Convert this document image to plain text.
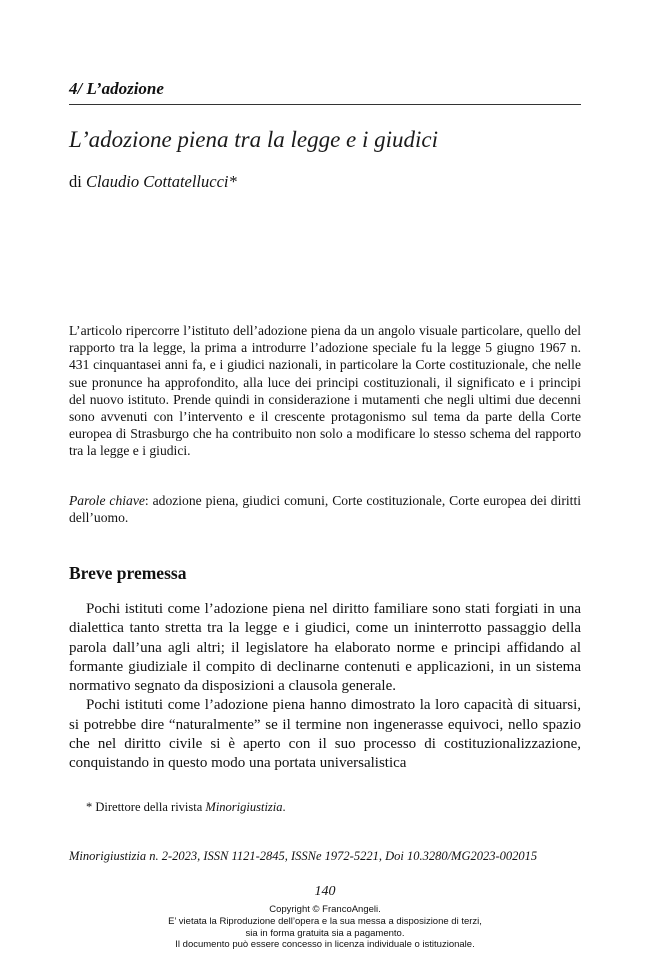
4/ L’adozione
L’adozione piena tra la legge e i giudici
di Claudio Cottatellucci*

L’articolo ripercorre l’istituto dell’adozione piena da un angolo visuale particolare, quello del rapporto tra la legge, la prima a introdurre l’adozione speciale fu la legge 5 giugno 1967 n. 431 cinquantasei anni fa, e i giudici nazionali, in particolare la Corte costituzionale, che nelle sue pronunce ha approfondito, alla luce dei principi costituzionali, il significato e i principi del nuovo istituto. Prende quindi in considerazione i mutamenti che negli ultimi due decenni sono avvenuti con l’intervento e il crescente protagonismo sul tema da parte della Corte europea di Strasburgo che ha contribuito non solo a modificare lo stesso schema del rapporto tra la legge e i giudici.

Parole chiave: adozione piena, giudici comuni, Corte costituzionale, Corte europea dei diritti dell’uomo.

Breve premessa

Pochi istituti come l’adozione piena nel diritto familiare sono stati forgiati in una dialettica tanto stretta tra la legge e i giudici, come un ininterrotto passaggio della parola dall’una agli altri; il legislatore ha elaborato norme e principi affidando al formante giudiziale il compito di declinarne contenuti e applicazioni, in un sistema normativo segnato da disposizioni a clausola generale.

Pochi istituti come l’adozione piena hanno dimostrato la loro capacità di situarsi, si potrebbe dire “naturalmente” se il termine non ingenerasse equivoci, nello spazio che nel diritto civile si è aperto con il suo processo di costituzionalizzazione, conquistando in questo modo una portata universalistica

* Direttore della rivista Minorigiustizia.
Minorigiustizia n. 2-2023, ISSN 1121-2845, ISSNe 1972-5221, Doi 10.3280/MG2023-002015
140
Copyright © FrancoAngeli.
E’ vietata la Riproduzione dell’opera e la sua messa a disposizione di terzi,
sia in forma gratuita sia a pagamento.
Il documento può essere concesso in licenza individuale o istituzionale.
